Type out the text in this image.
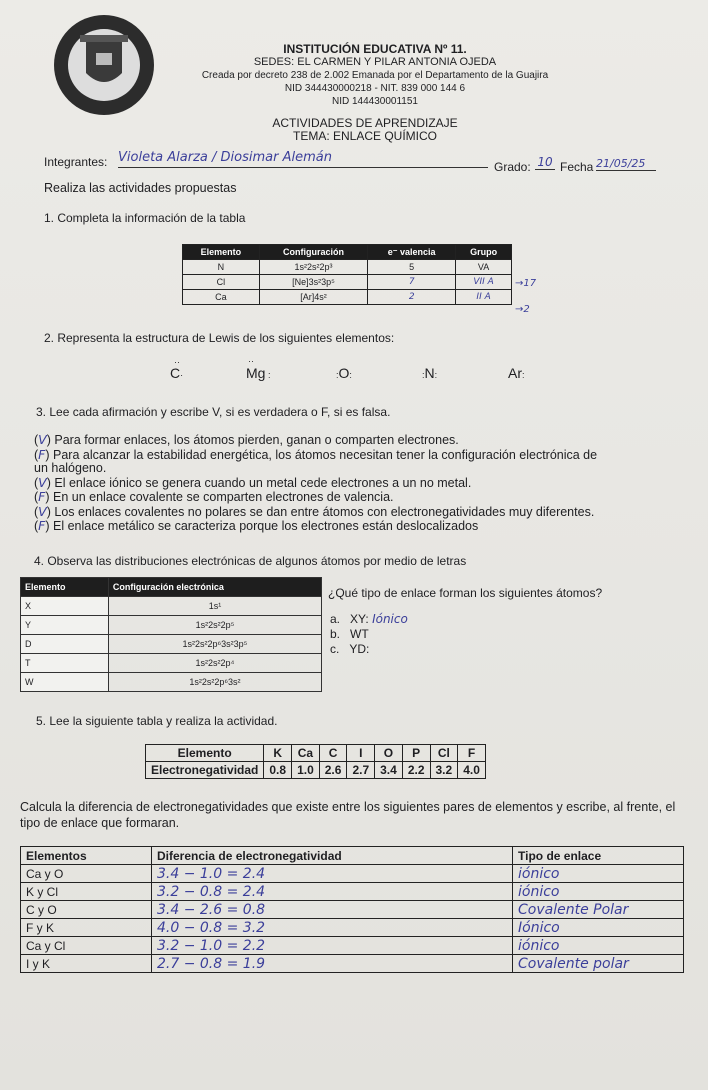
INSTITUCIÓN EDUCATIVA Nº 11.
SEDES: EL CARMEN Y PILAR ANTONIA OJEDA
Creada por decreto 238 de 2.002 Emanada por el Departamento de la Guajira
NID 344430000218 - NIT. 839 000 144 6
NID 144430001151
ACTIVIDADES DE APRENDIZAJE
TEMA: ENLACE QUÍMICO
Integrantes: Violeta Alarza / Diosimar Alemán
Grado: 10 Fecha 21/05/25
Realiza las actividades propuestas
1. Completa la información de la tabla
Elemento	Configuración	e⁻ valencia	Grupo
N	1s²2s²2p³	5	VA
Cl	[Ne]3s²3p⁵	7	VII A
Ca	[Ar]4s²	2	II A
→17
→2
2. Representa la estructura de Lewis de los siguientes elementos:
··
C·
··
Mg :	:O:	:N:	Ar:
3. Lee cada afirmación y escribe V, si es verdadera o F, si es falsa.
(V) Para formar enlaces, los átomos pierden, ganan o comparten electrones.
(F) Para alcanzar la estabilidad energética, los átomos necesitan tener la configuración electrónica de
un halógeno.
(V) El enlace iónico se genera cuando un metal cede electrones a un no metal.
(F) En un enlace covalente se comparten electrones de valencia.
(V) Los enlaces covalentes no polares se dan entre átomos con electronegatividades muy diferentes.
(F) El enlace metálico se caracteriza porque los electrones están deslocalizados
4. Observa las distribuciones electrónicas de algunos átomos por medio de letras
Elemento	Configuración electrónica
X	1s¹
Y	1s²2s²2p⁵
D	1s²2s²2p⁶3s²3p⁵
T	1s²2s²2p⁴
W	1s²2s²2p⁶3s²
¿Qué tipo de enlace forman los siguientes átomos?
a. XY: Iónico
b. WT
c. YD:
5. Lee la siguiente tabla y realiza la actividad.
Elemento	K	Ca	C	I	O	P	Cl	F
Electronegatividad	0.8	1.0	2.6	2.7	3.4	2.2	3.2	4.0
Calcula la diferencia de electronegatividades que existe entre los siguientes pares de elementos y escribe, al frente, el tipo de enlace que formaran.
Elementos	Diferencia de electronegatividad	Tipo de enlace
Ca y O	3.4 − 1.0 = 2.4	iónico
K y Cl	3.2 − 0.8 = 2.4	iónico
C y O	3.4 − 2.6 = 0.8	Covalente Polar
F y K	4.0 − 0.8 = 3.2	Iónico
Ca y Cl	3.2 − 1.0 = 2.2	iónico
I y K	2.7 − 0.8 = 1.9	Covalente polar
